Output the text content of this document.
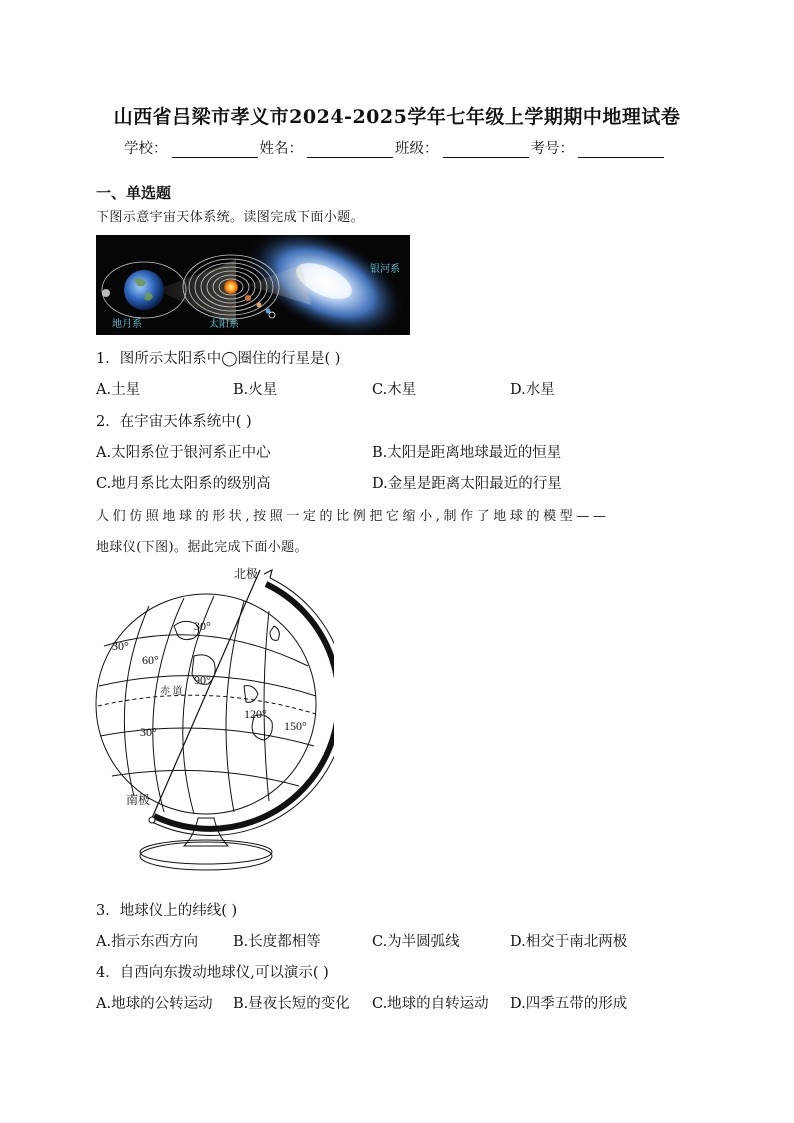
山西省吕梁市孝义市2024-2025学年七年级上学期期中地理试卷
学校：	姓名：	班级：	考号：
一、单选题
下图示意宇宙天体系统。读图完成下面小题。
地月系	太阳系
银河系
1．图所示太阳系中◯圈住的行星是( )
A.土星	B.火星	C.木星	D.水星
2．在宇宙天体系统中( )
A.太阳系位于银河系正中心	B.太阳是距离地球最近的恒星
C.地月系比太阳系的级别高	D.金星是距离太阳最近的行星
人们仿照地球的形状,按照一定的比例把它缩小,制作了地球的模型——
地球仪(下图)。据此完成下面小题。
北极
30°
30°
60°
90°
赤 道
120°
150°
30°
南极
3．地球仪上的纬线( )
A.指示东西方向 B.长度都相等	C.为半圆弧线	D.相交于南北两极
4．自西向东拨动地球仪,可以演示( )
A.地球的公转运动 B.昼夜长短的变化 C.地球的自转运动 D.四季五带的形成
